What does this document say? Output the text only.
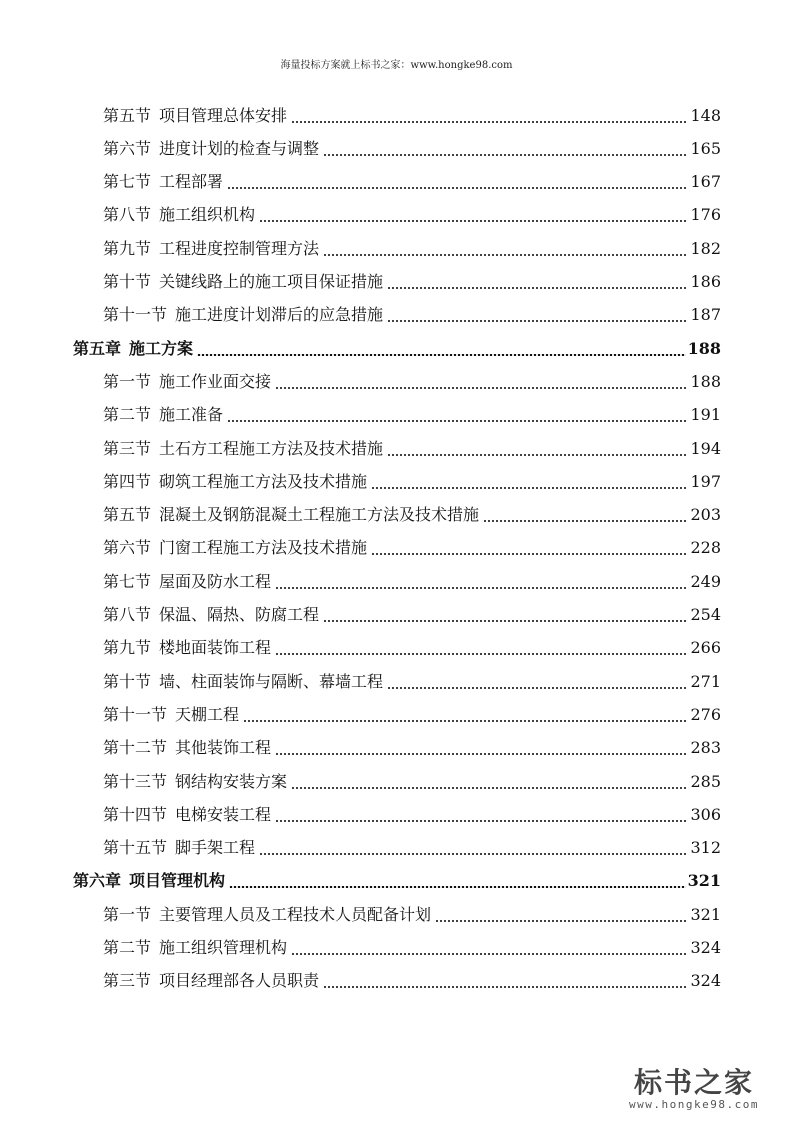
海量投标方案就上标书之家：www.hongke98.com
第五节 项目管理总体安排	148
第六节 进度计划的检查与调整	165
第七节 工程部署	167
第八节 施工组织机构	176
第九节 工程进度控制管理方法	182
第十节 关键线路上的施工项目保证措施	186
第十一节 施工进度计划滞后的应急措施	187
第五章 施工方案	188
第一节 施工作业面交接	188
第二节 施工准备	191
第三节 土石方工程施工方法及技术措施	194
第四节 砌筑工程施工方法及技术措施	197
第五节 混凝土及钢筋混凝土工程施工方法及技术措施	203
第六节 门窗工程施工方法及技术措施	228
第七节 屋面及防水工程	249
第八节 保温、隔热、防腐工程	254
第九节 楼地面装饰工程	266
第十节 墙、柱面装饰与隔断、幕墙工程	271
第十一节 天棚工程	276
第十二节 其他装饰工程	283
第十三节 钢结构安装方案	285
第十四节 电梯安装工程	306
第十五节 脚手架工程	312
第六章 项目管理机构	321
第一节 主要管理人员及工程技术人员配备计划	321
第二节 施工组织管理机构	324
第三节 项目经理部各人员职责	324
标书之家
www.hongke98.com
